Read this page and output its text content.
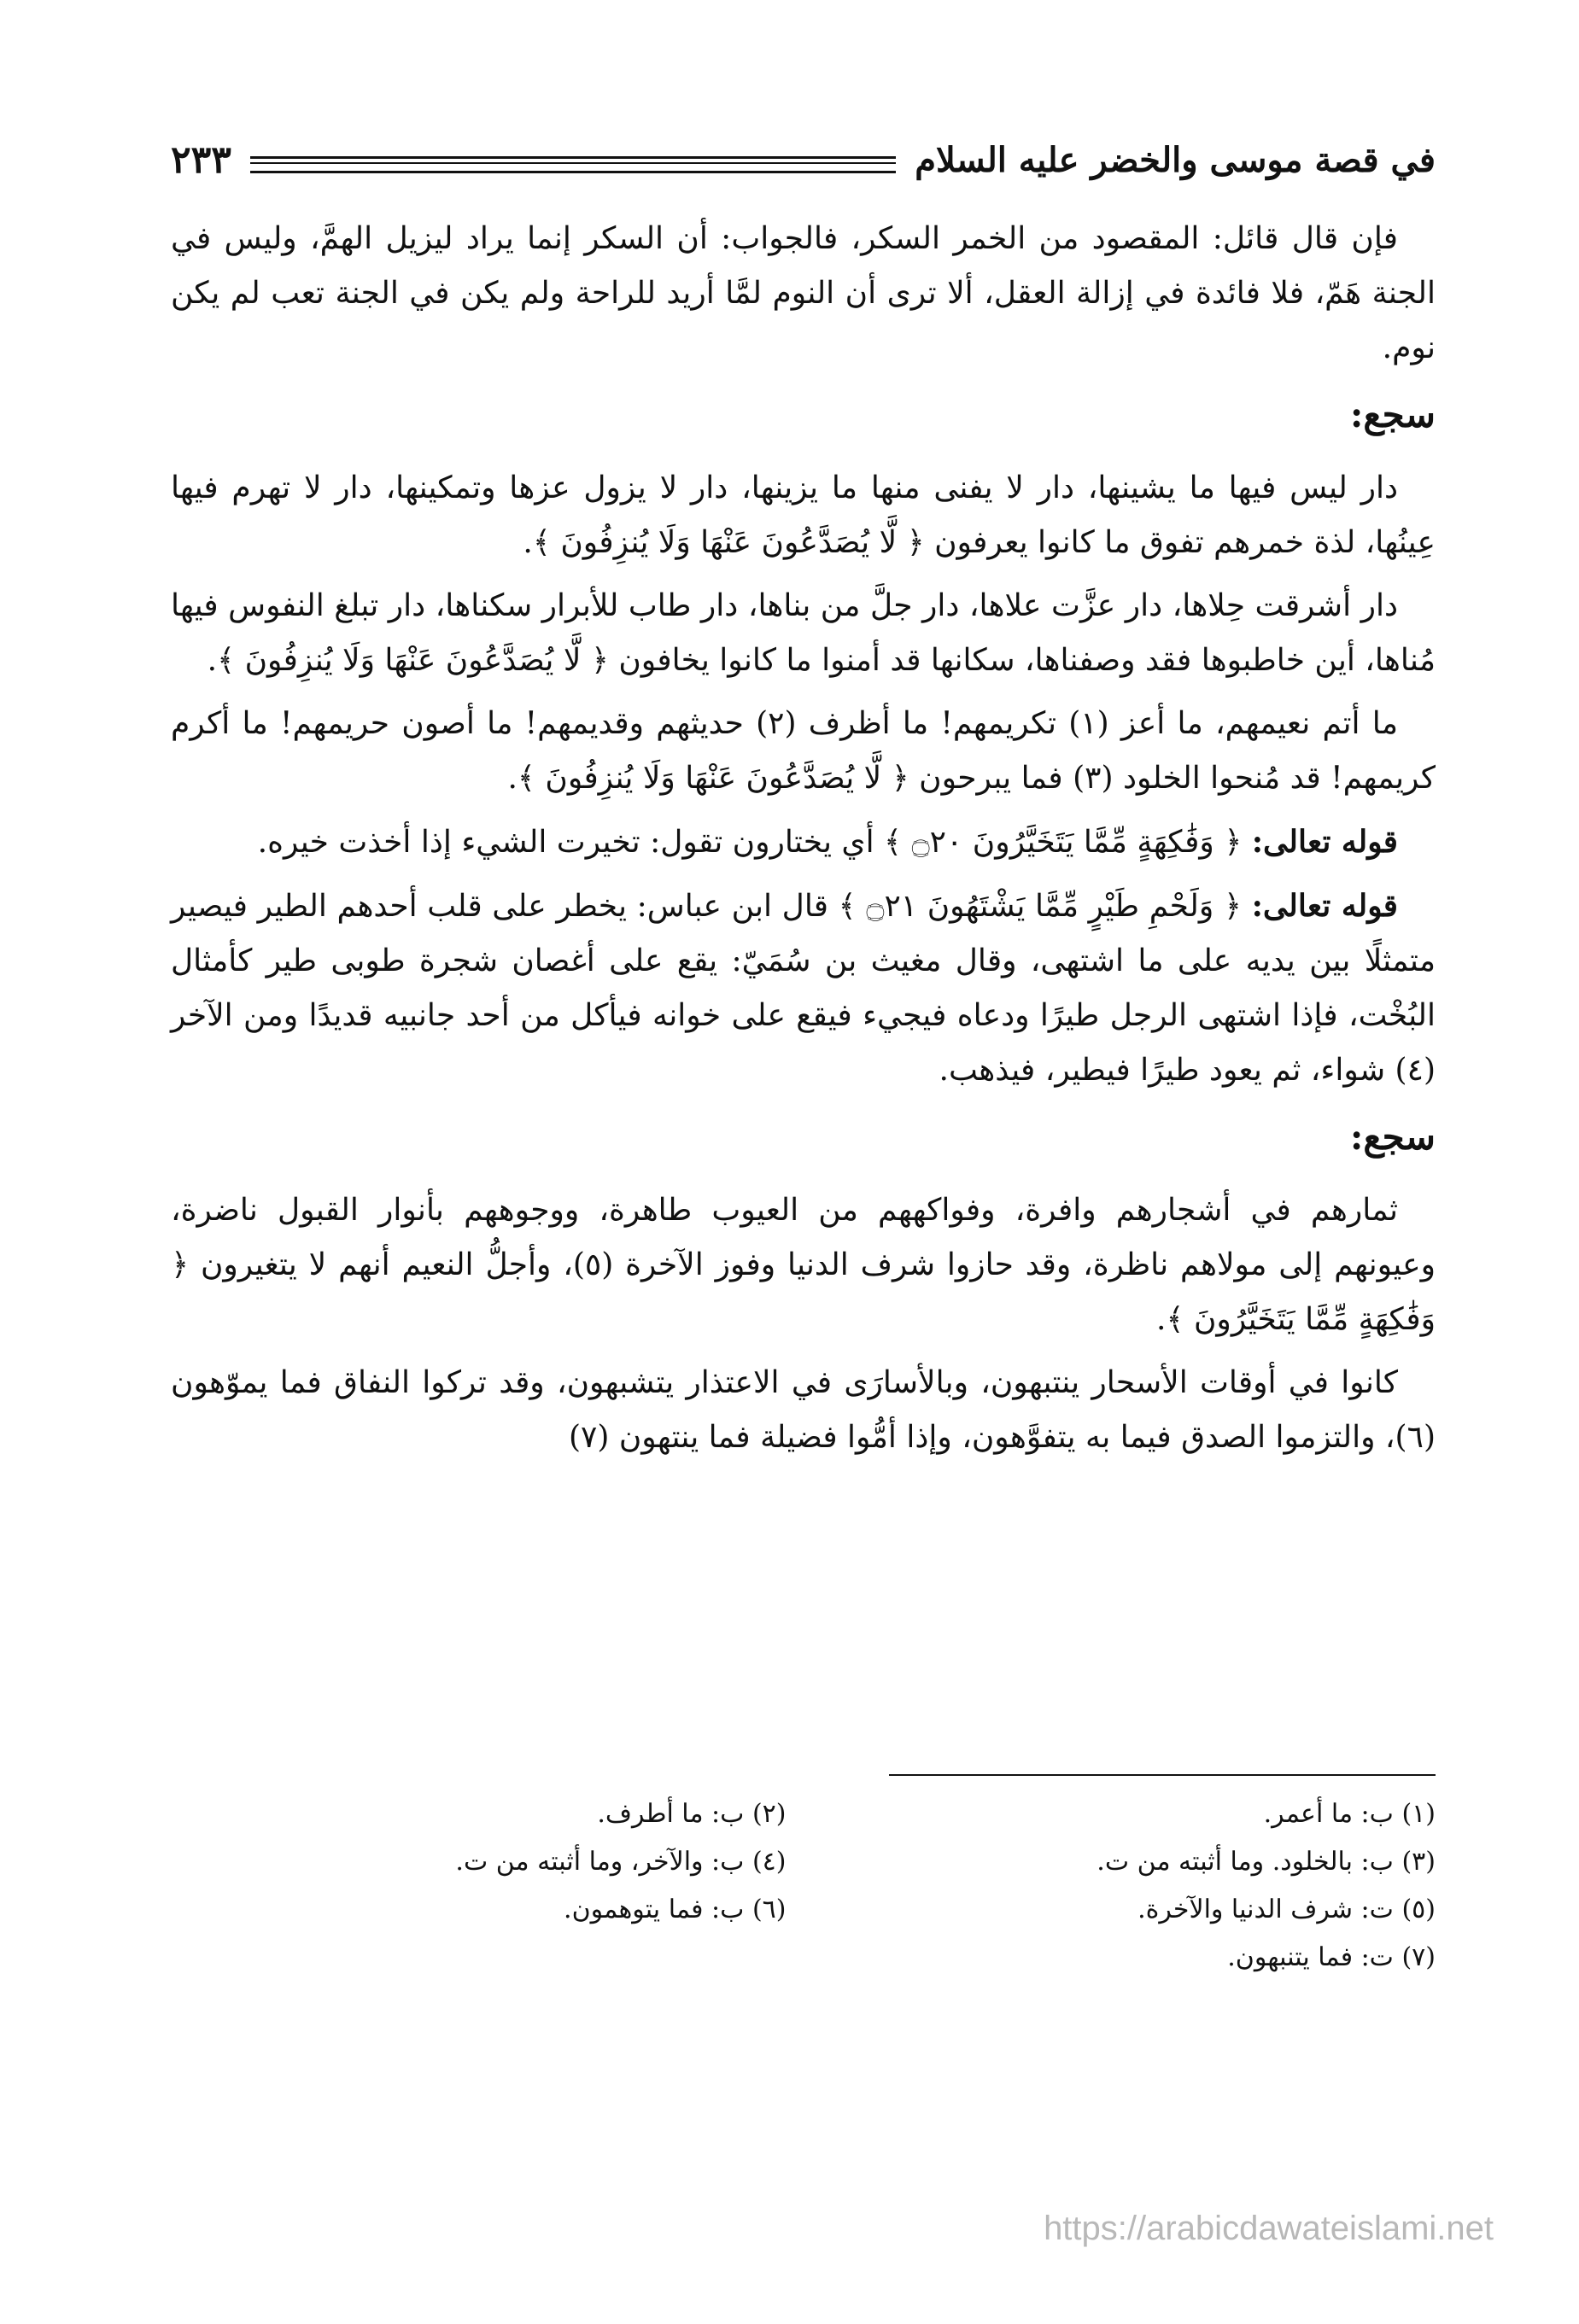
في قصة موسى والخضر عليه السلام
٢٣٣

فإن قال قائل: المقصود من الخمر السكر، فالجواب: أن السكر إنما يراد ليزيل الهمَّ، وليس في الجنة هَمّ، فلا فائدة في إزالة العقل، ألا ترى أن النوم لمَّا أريد للراحة ولم يكن في الجنة تعب لم يكن نوم.

سجع:

دار ليس فيها ما يشينها، دار لا يفنى منها ما يزينها، دار لا يزول عزها وتمكينها، دار لا تهرم فيها عِينُها، لذة خمرهم تفوق ما كانوا يعرفون ﴿ لَّا يُصَدَّعُونَ عَنْهَا وَلَا يُنزِفُونَ ﴾.

دار أشرقت حِلاها، دار عزَّت علاها، دار جلَّ من بناها، دار طاب للأبرار سكناها، دار تبلغ النفوس فيها مُناها، أين خاطبوها فقد وصفناها، سكانها قد أمنوا ما كانوا يخافون ﴿ لَّا يُصَدَّعُونَ عَنْهَا وَلَا يُنزِفُونَ ﴾.

ما أتم نعيمهم، ما أعز (١) تكريمهم! ما أظرف (٢) حديثهم وقديمهم! ما أصون حريمهم! ما أكرم كريمهم! قد مُنحوا الخلود (٣) فما يبرحون ﴿ لَّا يُصَدَّعُونَ عَنْهَا وَلَا يُنزِفُونَ ﴾.

قوله تعالى: ﴿ وَفَٰكِهَةٍ مِّمَّا يَتَخَيَّرُونَ ۝٢٠ ﴾ أي يختارون تقول: تخيرت الشيء إذا أخذت خيره.

قوله تعالى: ﴿ وَلَحْمِ طَيْرٍ مِّمَّا يَشْتَهُونَ ۝٢١ ﴾ قال ابن عباس: يخطر على قلب أحدهم الطير فيصير متمثلًا بين يديه على ما اشتهى، وقال مغيث بن سُمَيّ: يقع على أغصان شجرة طوبى طير كأمثال البُخْت، فإذا اشتهى الرجل طيرًا ودعاه فيجيء فيقع على خوانه فيأكل من أحد جانبيه قديدًا ومن الآخر (٤) شواء، ثم يعود طيرًا فيطير، فيذهب.

سجع:

ثمارهم في أشجارهم وافرة، وفواكههم من العيوب طاهرة، ووجوههم بأنوار القبول ناضرة، وعيونهم إلى مولاهم ناظرة، وقد حازوا شرف الدنيا وفوز الآخرة (٥)، وأجلُّ النعيم أنهم لا يتغيرون ﴿ وَفَٰكِهَةٍ مِّمَّا يَتَخَيَّرُونَ ﴾.

كانوا في أوقات الأسحار ينتبهون، وبالأسارَى في الاعتذار يتشبهون، وقد تركوا النفاق فما يموّهون (٦)، والتزموا الصدق فيما به يتفوَّهون، وإذا أمُّوا فضيلة فما ينتهون (٧)

(١) ب: ما أعمر.
(٢) ب: ما أطرف.
(٣) ب: بالخلود. وما أثبته من ت.
(٤) ب: والآخر، وما أثبته من ت.
(٥) ت: شرف الدنيا والآخرة.
(٦) ب: فما يتوهمون.
(٧) ت: فما يتنبهون.
https://arabicdawateislami.net
